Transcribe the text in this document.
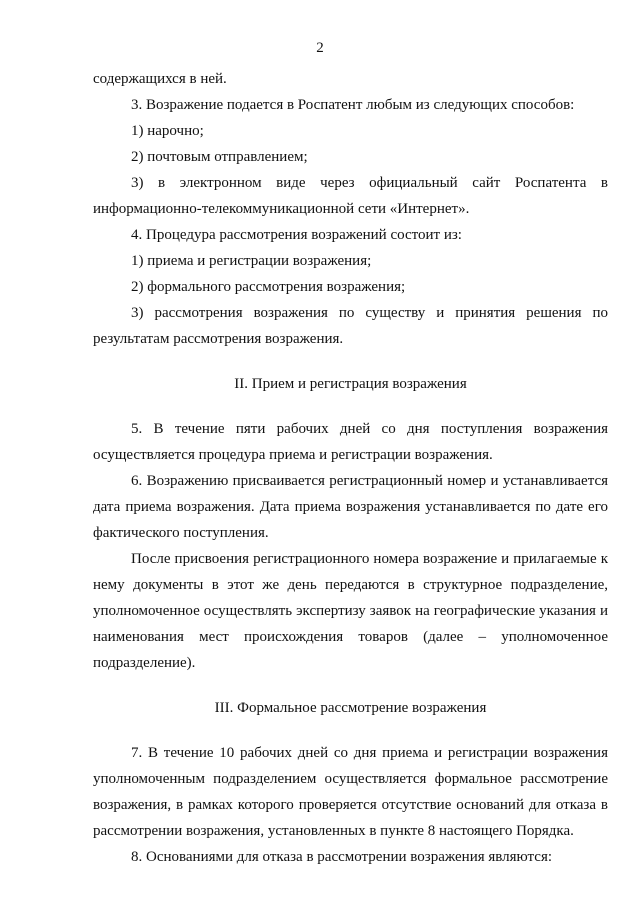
2

содержащихся в ней.

3. Возражение подается в Роспатент любым из следующих способов:

1) нарочно;

2) почтовым отправлением;

3) в электронном виде через официальный сайт Роспатента в информационно-телекоммуникационной сети «Интернет».

4. Процедура рассмотрения возражений состоит из:

1) приема и регистрации возражения;

2) формального рассмотрения возражения;

3) рассмотрения возражения по существу и принятия решения по результатам рассмотрения возражения.

II. Прием и регистрация возражения

5. В течение пяти рабочих дней со дня поступления возражения осуществляется процедура приема и регистрации возражения.

6. Возражению присваивается регистрационный номер и устанавливается дата приема возражения. Дата приема возражения устанавливается по дате его фактического поступления.

После присвоения регистрационного номера возражение и прилагаемые к нему документы в этот же день передаются в структурное подразделение, уполномоченное осуществлять экспертизу заявок на географические указания и наименования мест происхождения товаров (далее – уполномоченное подразделение).

III. Формальное рассмотрение возражения

7. В течение 10 рабочих дней со дня приема и регистрации возражения уполномоченным подразделением осуществляется формальное рассмотрение возражения, в рамках которого проверяется отсутствие оснований для отказа в рассмотрении возражения, установленных в пункте 8 настоящего Порядка.

8. Основаниями для отказа в рассмотрении возражения являются:
